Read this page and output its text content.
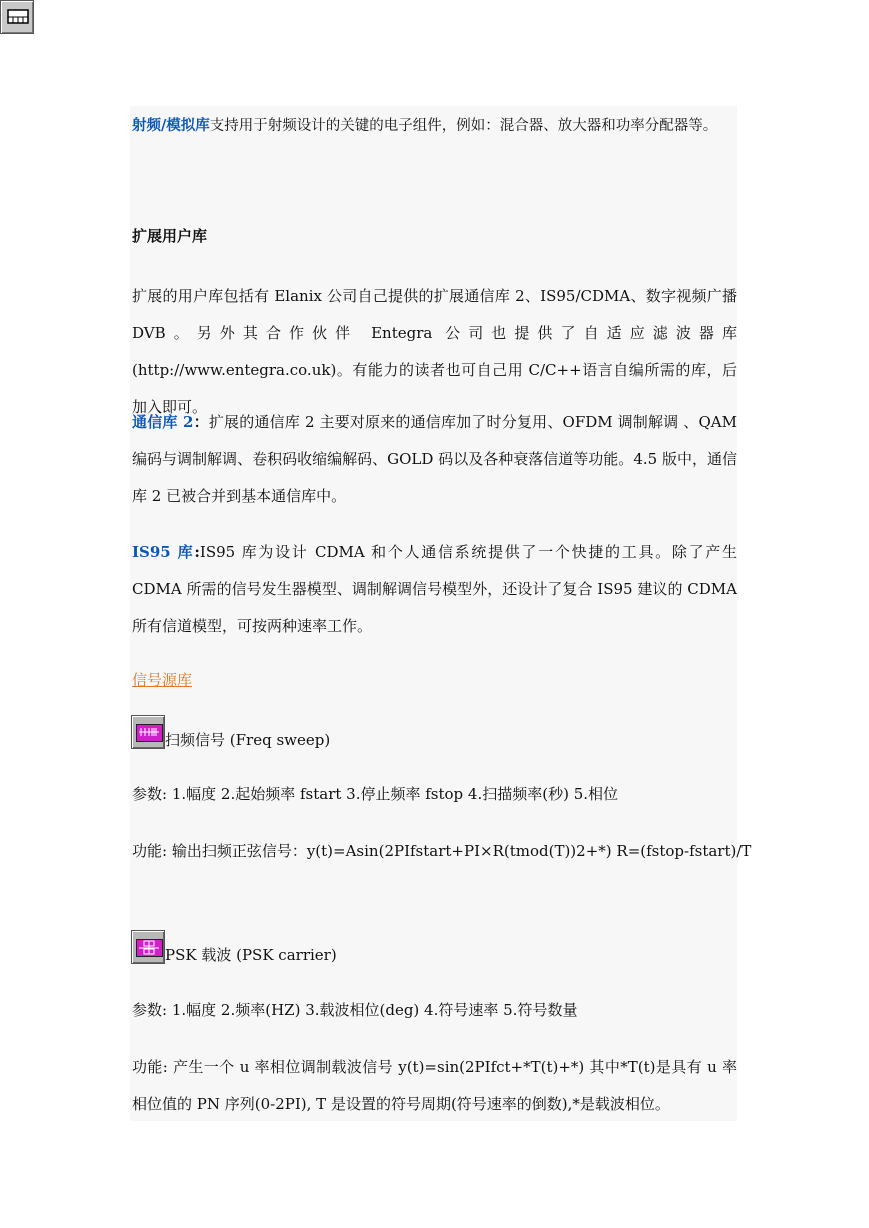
射频/模拟库支持用于射频设计的关键的电子组件，例如：混合器、放大器和功率分配器等。

扩展用户库

扩展的用户库包括有 Elanix 公司自己提供的扩展通信库 2、IS95/CDMA、数字视频广播 DVB。另外其合作伙伴 Entegra 公司也提供了自适应滤波器库(http://www.entegra.co.uk)。有能力的读者也可自己用 C/C++语言自编所需的库，后加入即可。

通信库 2：扩展的通信库 2 主要对原来的通信库加了时分复用、OFDM 调制解调 、QAM 编码与调制解调、卷积码收缩编解码、GOLD 码以及各种衰落信道等功能。4.5 版中，通信库 2 已被合并到基本通信库中。

IS95 库:IS95 库为设计 CDMA 和个人通信系统提供了一个快捷的工具。除了产生 CDMA 所需的信号发生器模型、调制解调信号模型外，还设计了复合 IS95 建议的 CDMA 所有信道模型，可按两种速率工作。

信号源库

扫频信号 (Freq sweep)

参数: 1.幅度 2.起始频率 fstart 3.停止频率 fstop 4.扫描频率(秒) 5.相位

功能: 输出扫频正弦信号：y(t)=Asin(2PIfstart+PI×R(tmod(T))2+*) R=(fstop-fstart)/T

PSK 载波 (PSK carrier)

参数: 1.幅度 2.频率(HZ) 3.载波相位(deg) 4.符号速率 5.符号数量

功能: 产生一个 u 率相位调制载波信号 y(t)=sin(2PIfct+*T(t)+*) 其中*T(t)是具有 u 率相位值的 PN 序列(0-2PI), T 是设置的符号周期(符号速率的倒数),*是载波相位。
